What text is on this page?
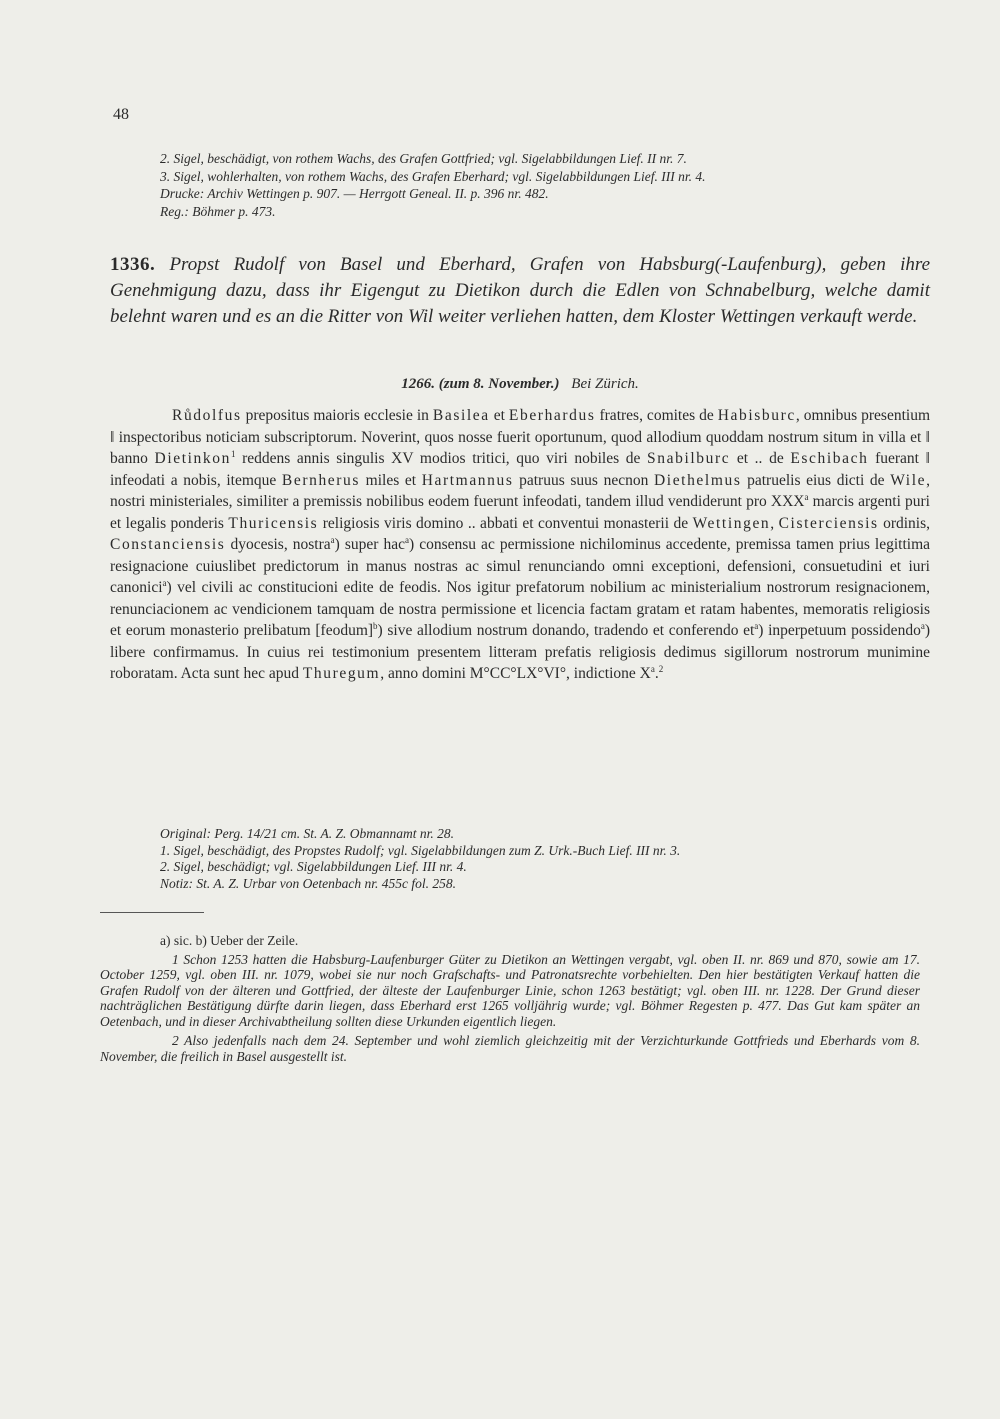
48
2. Sigel, beschädigt, von rothem Wachs, des Grafen Gottfried; vgl. Sigelabbildungen Lief. II nr. 7.
3. Sigel, wohlerhalten, von rothem Wachs, des Grafen Eberhard; vgl. Sigelabbildungen Lief. III nr. 4.
Drucke: Archiv Wettingen p. 907. — Herrgott Geneal. II. p. 396 nr. 482.
Reg.: Böhmer p. 473.
1336. Propst Rudolf von Basel und Eberhard, Grafen von Habsburg(-Laufenburg), geben ihre Genehmigung dazu, dass ihr Eigengut zu Dietikon durch die Edlen von Schnabelburg, welche damit belehnt waren und es an die Ritter von Wil weiter verliehen hatten, dem Kloster Wettingen verkauft werde.
1266. (zum 8. November.) Bei Zürich.
Růdolfus prepositus maioris ecclesie in Basilea et Eberhardus fratres, comites de Habisburc, omnibus presentium ‖ inspectoribus noticiam subscriptorum. Noverint, quos nosse fuerit oportunum, quod allodium quoddam nostrum situm in villa et ‖ banno Dietinkon$^1$ reddens annis singulis XV modios tritici, quo viri nobiles de Snabilburc et .. de Eschibach fuerant ‖ infeodati a nobis, itemque Bernherus miles et Hartmannus patruus suus necnon Diethelmus patruelis eius dicti de Wile, nostri ministeriales, similiter a premissis nobilibus eodem fuerunt infeodati, tandem illud vendiderunt pro XXX$^a$ marcis argenti puri et legalis ponderis Thuricensis religiosis viris domino .. abbati et conventui monasterii de Wettingen, Cisterciensis ordinis, Constanciensis dyocesis, nostra$^a$) super hac$^a$) consensu ac permissione nichilominus accedente, premissa tamen prius legittima resignacione cuiuslibet predictorum in manus nostras ac simul renunciando omni exceptioni, defensioni, consuetudini et iuri canonici$^a$) vel civili ac constitucioni edite de feodis. Nos igitur prefatorum nobilium ac ministerialium nostrorum resignacionem, renunciacionem ac vendicionem tamquam de nostra permissione et licencia factam gratam et ratam habentes, memoratis religiosis et eorum monasterio prelibatum [feodum]$^b$) sive allodium nostrum donando, tradendo et conferendo $et^a$) inperpetuum possidendo$^a$) libere confirmamus. In cuius rei testimonium presentem litteram prefatis religiosis dedimus sigillorum nostrorum munimine roboratam. Acta sunt hec apud Thuregum, anno domini M°CC°LX°VI°, indictione $X^a.^2$
Original: Perg. 14/21 cm. St. A. Z. Obmannamt nr. 28.
1. Sigel, beschädigt, des Propstes Rudolf; vgl. Sigelabbildungen zum Z. Urk.-Buch Lief. III nr. 3.
2. Sigel, beschädigt; vgl. Sigelabbildungen Lief. III nr. 4.
Notiz: St. A. Z. Urbar von Oetenbach nr. 455c fol. 258.

a) sic. b) Ueber der Zeile.

1 Schon 1253 hatten die Habsburg-Laufenburger Güter zu Dietikon an Wettingen vergabt, vgl. oben II. nr. 869 und 870, sowie am 17. October 1259, vgl. oben III. nr. 1079, wobei sie nur noch Grafschafts- und Patronatsrechte vorbehielten. Den hier bestätigten Verkauf hatten die Grafen Rudolf von der älteren und Gottfried, der älteste der Laufenburger Linie, schon 1263 bestätigt; vgl. oben III. nr. 1228. Der Grund dieser nachträglichen Bestätigung dürfte darin liegen, dass Eberhard erst 1265 volljährig wurde; vgl. Böhmer Regesten p. 477. Das Gut kam später an Oetenbach, und in dieser Archivabtheilung sollten diese Urkunden eigentlich liegen.

2 Also jedenfalls nach dem 24. September und wohl ziemlich gleichzeitig mit der Verzichturkunde Gottfrieds und Eberhards vom 8. November, die freilich in Basel ausgestellt ist.
